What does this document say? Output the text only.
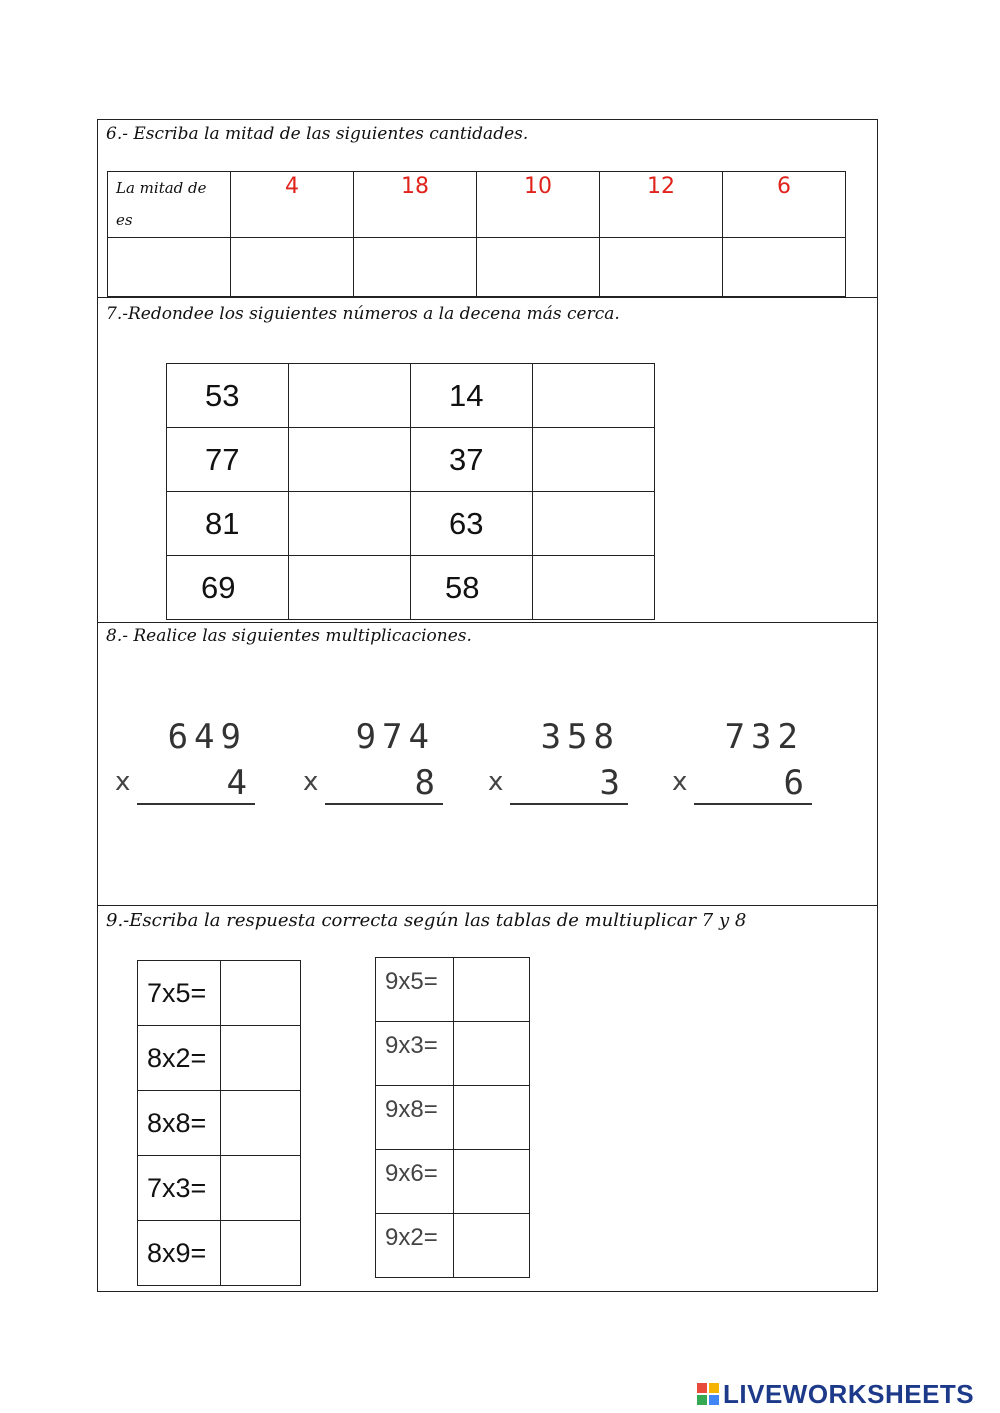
6.- Escriba la mitad de las siguientes cantidades.
La mitad de es	4	18	10	12	6

7.-Redondee los siguientes números a la decena más cerca.
53		14	

77		37	

81		63	

69		58	

8.- Realice las siguientes multiplicaciones.
649
x	4
974
x	8
358
x	3
732
x	6
9.-Escriba la respuesta correcta según las tablas de multiuplicar 7 y 8
7x5=	

8x2=	

8x8=	

7x3=	

8x9=	

9x5=	

9x3=	

9x8=	

9x6=	

9x2=	

LIVEWORKSHEETS
